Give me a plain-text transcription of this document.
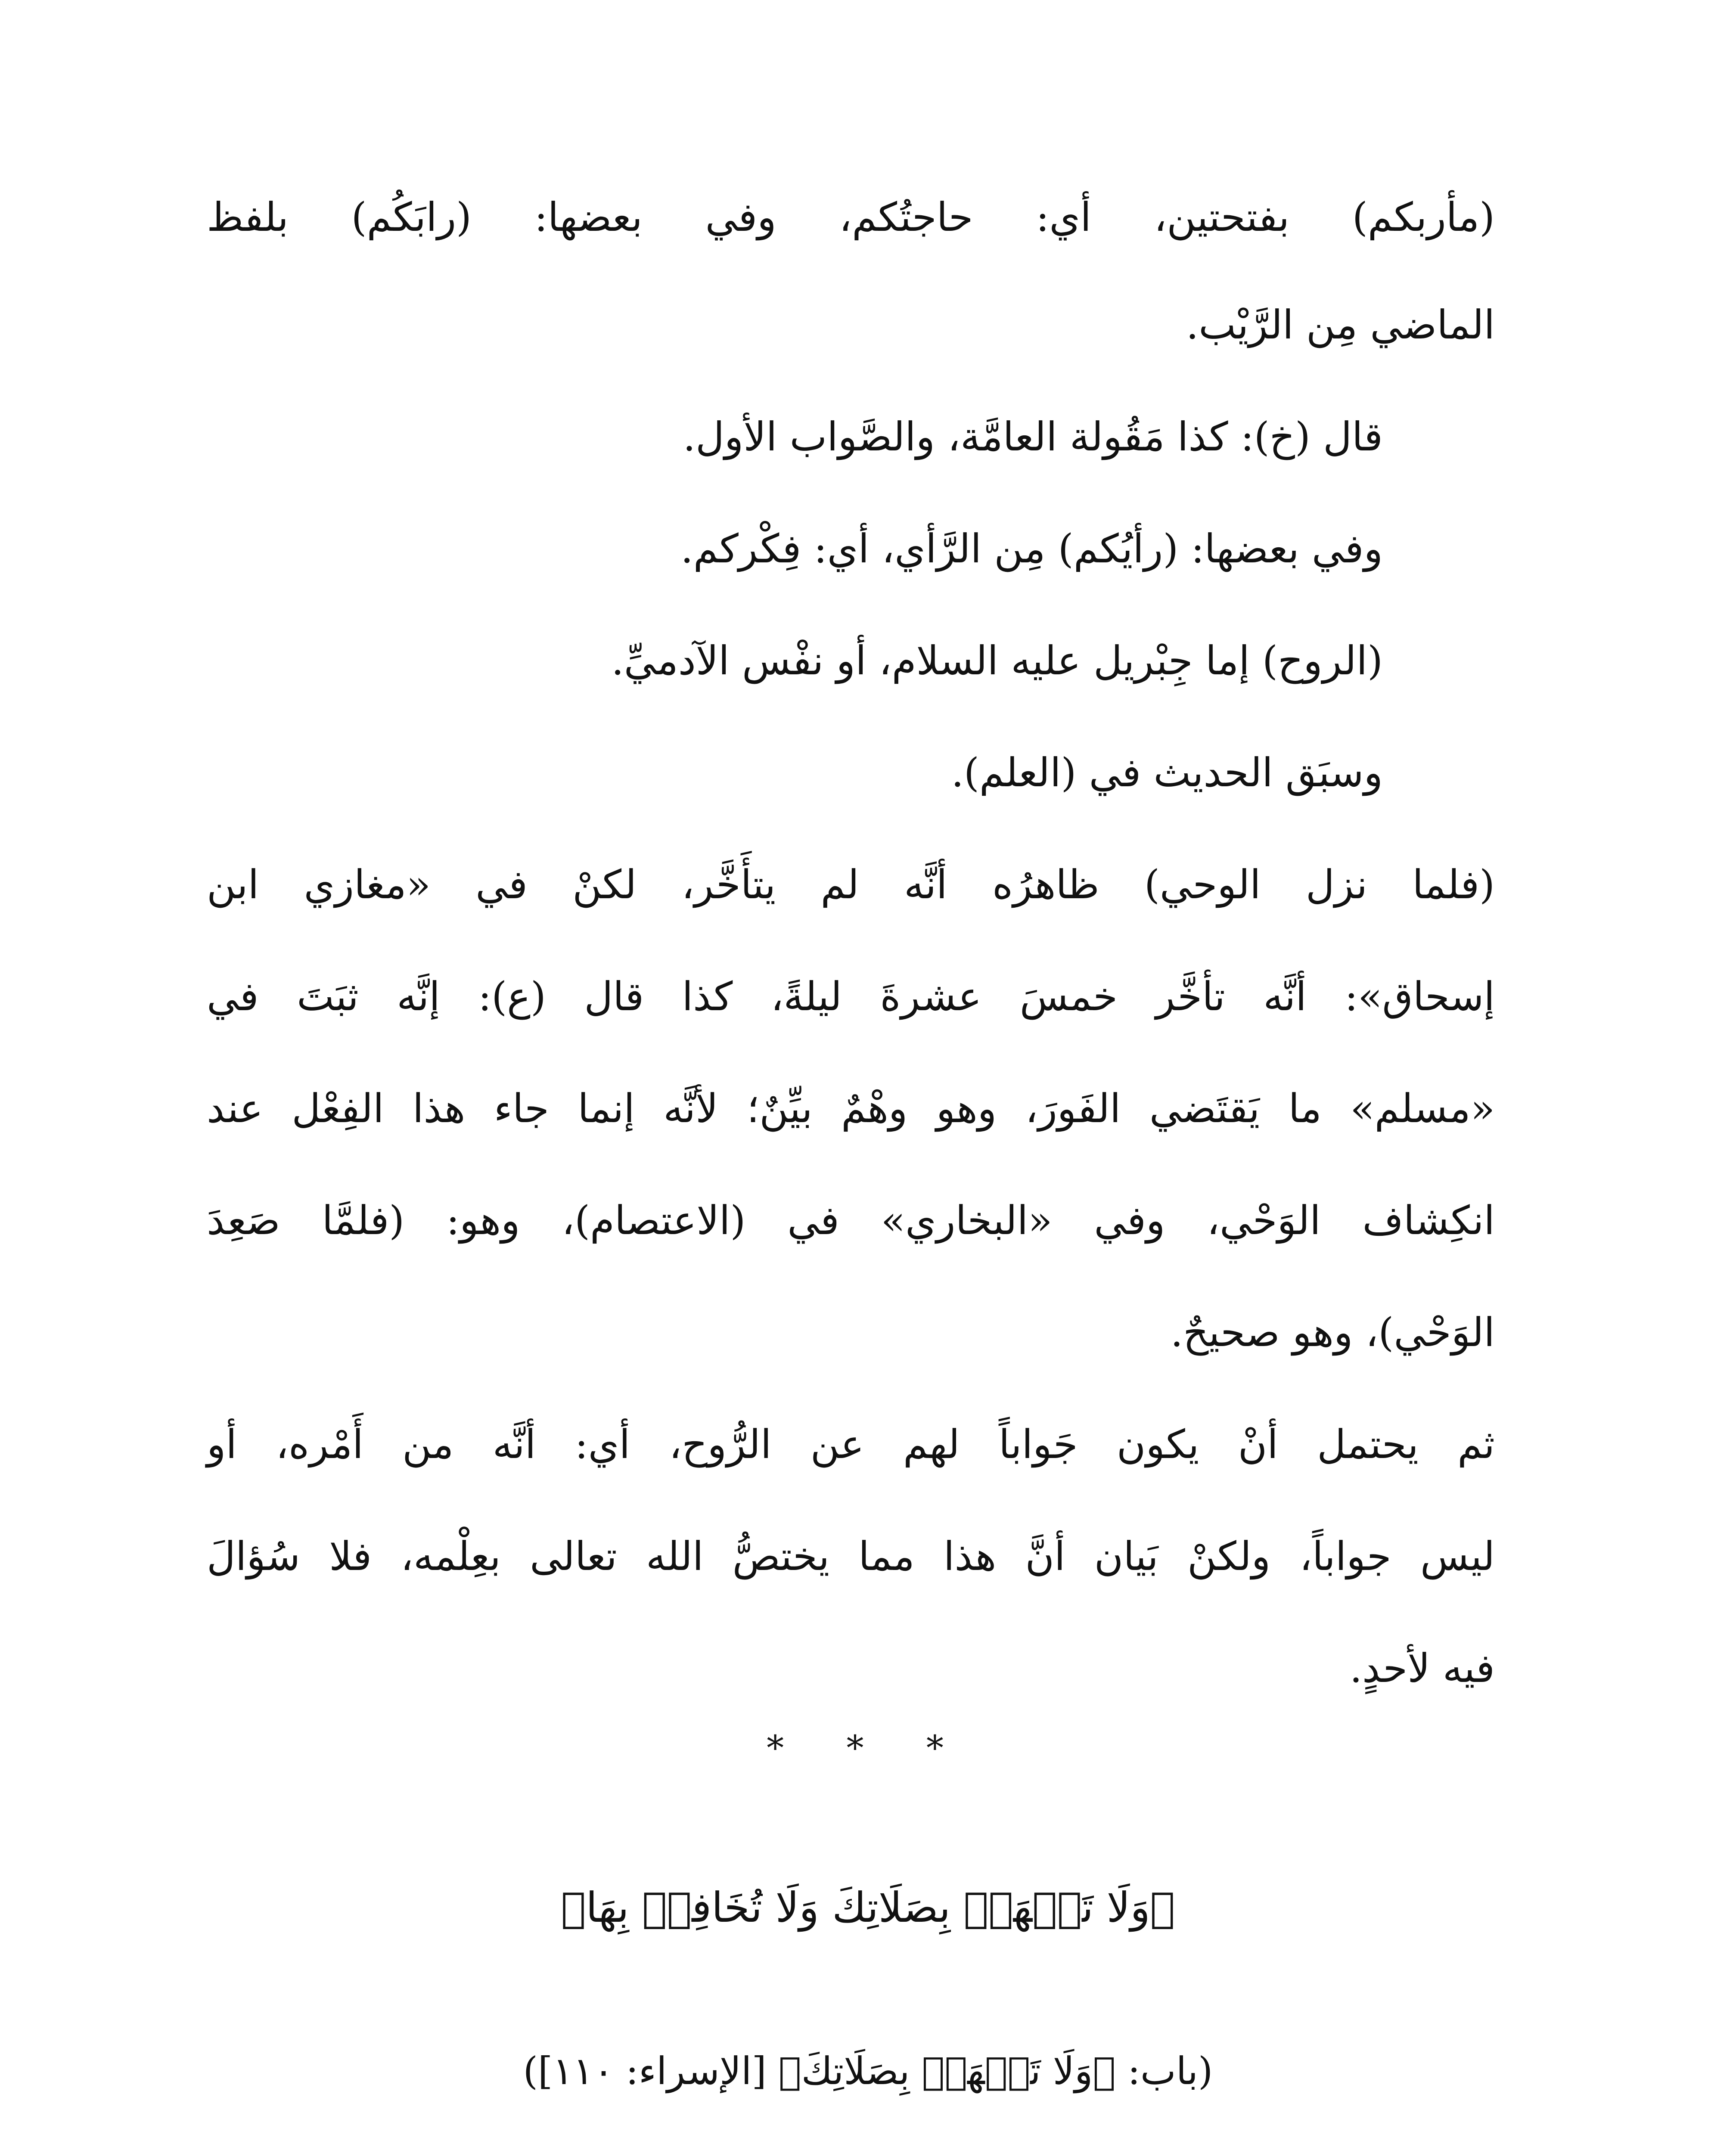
(مأربكم) بفتحتين، أي: حاجتُكم، وفي بعضها: (رابَكُم) بلفظ
الماضي مِن الرَّيْب.
قال (خ): كذا مَقُولة العامَّة، والصَّواب الأول.
وفي بعضها: (رأيُكم) مِن الرَّأي، أي: فِكْركم.
(الروح) إما جِبْريل عليه السلام، أو نفْس الآدميِّ.
وسبَق الحديث في (العلم).
(فلما نزل الوحي) ظاهرُه أنَّه لم يتأَخَّر، لكنْ في «مغازي ابن
إسحاق»: أنَّه تأخَّر خمسَ عشرةَ ليلةً، كذا قال (ع): إنَّه ثبَتَ في
«مسلم» ما يَقتَضي الفَورَ، وهو وهْمٌ بيِّنٌ؛ لأنَّه إنما جاء هذا الفِعْل عند
انكِشاف الوَحْي، وفي «البخاري» في (الاعتصام)، وهو: (فلمَّا صَعِدَ
الوَحْي)، وهو صحيحٌ.
ثم يحتمل أنْ يكون جَواباً لهم عن الرُّوح، أي: أنَّه من أَمْره، أو
ليس جواباً، ولكنْ بَيان أنَّ هذا مما يختصُّ الله تعالى بعِلْمه، فلا سُؤالَ
فيه لأحدٍ.
* * *
﴿وَلَا تَجۡهَرۡ بِصَلَاتِكَ وَلَا تُخَافِتۡ بِهَا﴾
(باب: ﴿وَلَا تَجۡهَرۡ بِصَلَاتِكَ﴾ [الإسراء: ١١٠])
